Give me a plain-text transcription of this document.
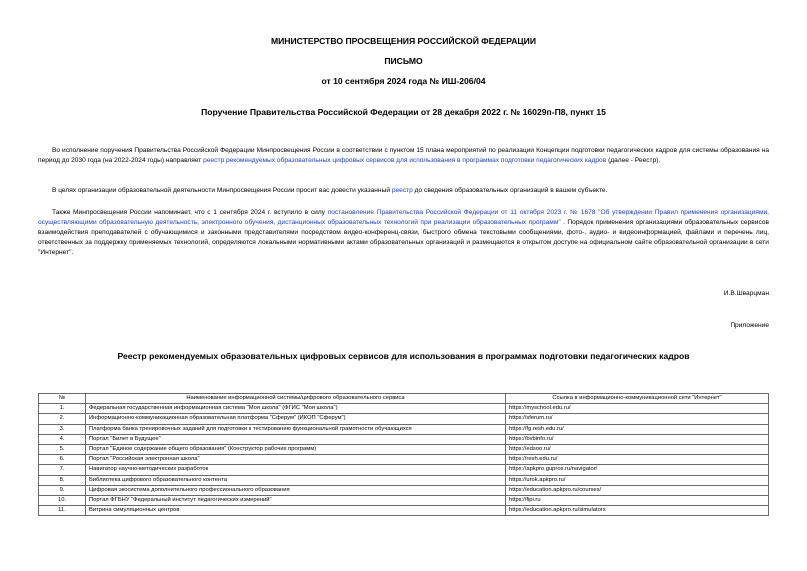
МИНИСТЕРСТВО ПРОСВЕЩЕНИЯ РОССИЙСКОЙ ФЕДЕРАЦИИ
ПИСЬМО
от 10 сентября 2024 года № ИШ-206/04
Поручение Правительства Российской Федерации от 28 декабря 2022 г. № 16029п-П8, пункт 15
Во исполнение поручения Правительства Российской Федерации Минпросвещения России в соответствии с пунктом 15 плана мероприятий по реализации Концепции подготовки педагогических кадров для системы образования на период до 2030 года (на 2022-2024 годы) направляет реестр рекомендуемых образовательных цифровых сервисов для использования в программах подготовки педагогических кадров (далее - Реестр).
В целях организации образовательной деятельности Минпросвещения России просит вас довести указанный реестр до сведения образовательных организаций в вашем субъекте.
Также Минпросвещения России напоминает, что с 1 сентября 2024 г. вступило в силу постановление Правительства Российской Федерации от 11 октября 2023 г. № 1678 "Об утверждении Правил применения организациями, осуществляющими образовательную деятельность, электронного обучения, дистанционных образовательных технологий при реализации образовательных программ" . Порядок применения организациями образовательных сервисов взаимодействия преподавателей с обучающимися и законными представителями посредством видео-конференц-связи, быстрого обмена текстовыми сообщениями, фото-, аудио- и видеоинформацией, файлами и перечень лиц, ответственных за поддержку применяемых технологий, определяются локальными нормативными актами образовательных организаций и размещаются в открытом доступе на официальном сайте образовательной организации в сети "Интернет".
И.В.Шварцман
Приложение
Реестр рекомендуемых образовательных цифровых сервисов для использования в программах подготовки педагогических кадров
№	Наименование информационной системы/цифрового образовательного сервиса	Ссылка в информационно-коммуникационной сети "Интернет"
1.	Федеральная государственная информационная система "Моя школа" (ФГИС "Моя школа")	https://myschool.edu.ru/
2.	Информационно-коммуникационная образовательная платформа "Сферум" (ИКОП "Сферум")	https://sferum.ru/
3.	Платформа банка тренировочных заданий для подготовки к тестированию функциональной грамотности обучающихся	https://fg.resh.edu.ru/
4.	Портал "Билет в Будущее"	https://bvbinfo.ru/
5.	Портал "Единое содержание общего образования" (Конструктор рабочих программ)	https://edsoo.ru/
6.	Портал "Российская электронная школа"	https://resh.edu.ru/
7.	Навигатор научно-методических разработок	https://apkpro.gupros.ru/navigator/
8.	Библиотека цифрового образовательного контента	https://urok.apkpro.ru/
9.	Цифровая экосистема дополнительного профессионального образования	https://education.apkpro.ru/courses/
10.	Портал ФГБНУ "Федеральный институт педагогических измерений"	https://fipi.ru
11.	Витрина симуляционных центров	https://education.apkpro.ru/simulators
